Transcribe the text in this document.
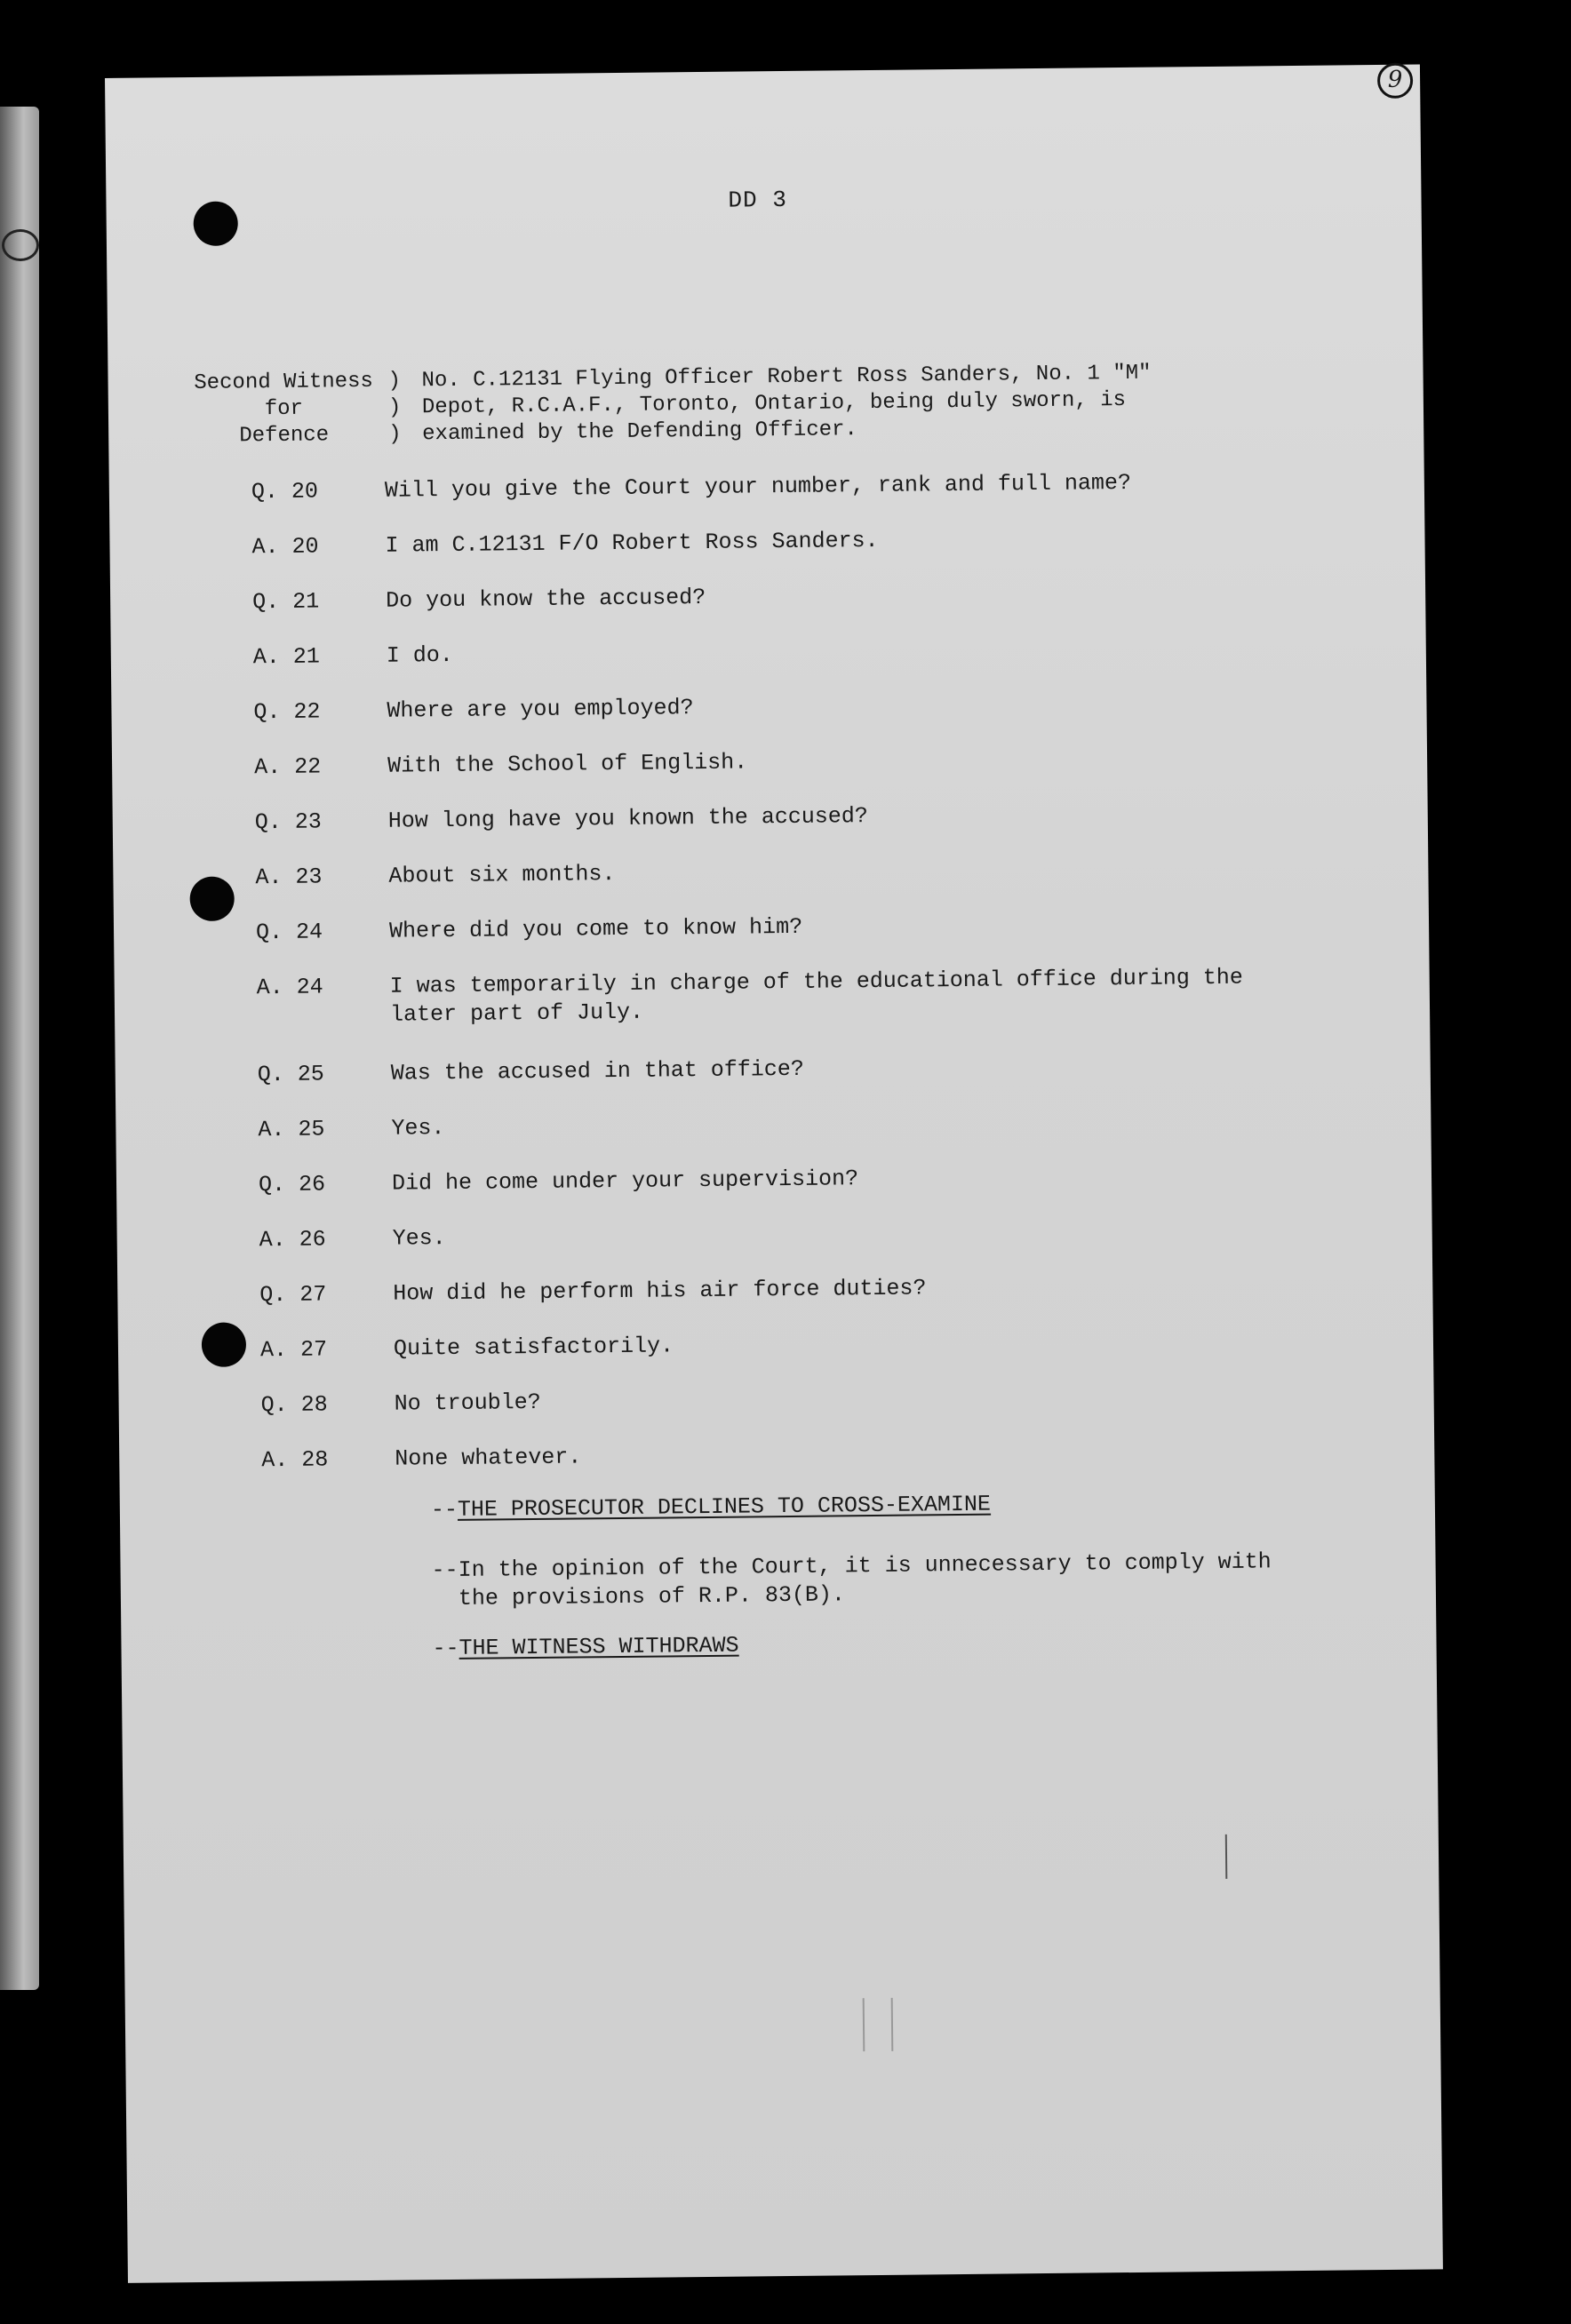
9
DD 3
Second Witness ) No. C.12131 Flying Officer Robert Ross Sanders, No. 1 "M"
for	) Depot, R.C.A.F., Toronto, Ontario, being duly sworn, is
Defence	) examined by the Defending Officer.
Q. 20	Will you give the Court your number, rank and full name?
A. 20	I am C.12131 F/O Robert Ross Sanders.
Q. 21	Do you know the accused?
A. 21	I do.
Q. 22	Where are you employed?
A. 22	With the School of English.
Q. 23	How long have you known the accused?
A. 23	About six months.
Q. 24	Where did you come to know him?
A. 24	I was temporarily in charge of the educational office during the
later part of July.
Q. 25	Was the accused in that office?
A. 25	Yes.
Q. 26	Did he come under your supervision?
A. 26	Yes.
Q. 27	How did he perform his air force duties?
A. 27	Quite satisfactorily.
Q. 28	No trouble?
A. 28	None whatever.
--THE PROSECUTOR DECLINES TO CROSS-EXAMINE
--In the opinion of the Court, it is unnecessary to comply with
the provisions of R.P. 83(B).
--THE WITNESS WITHDRAWS
